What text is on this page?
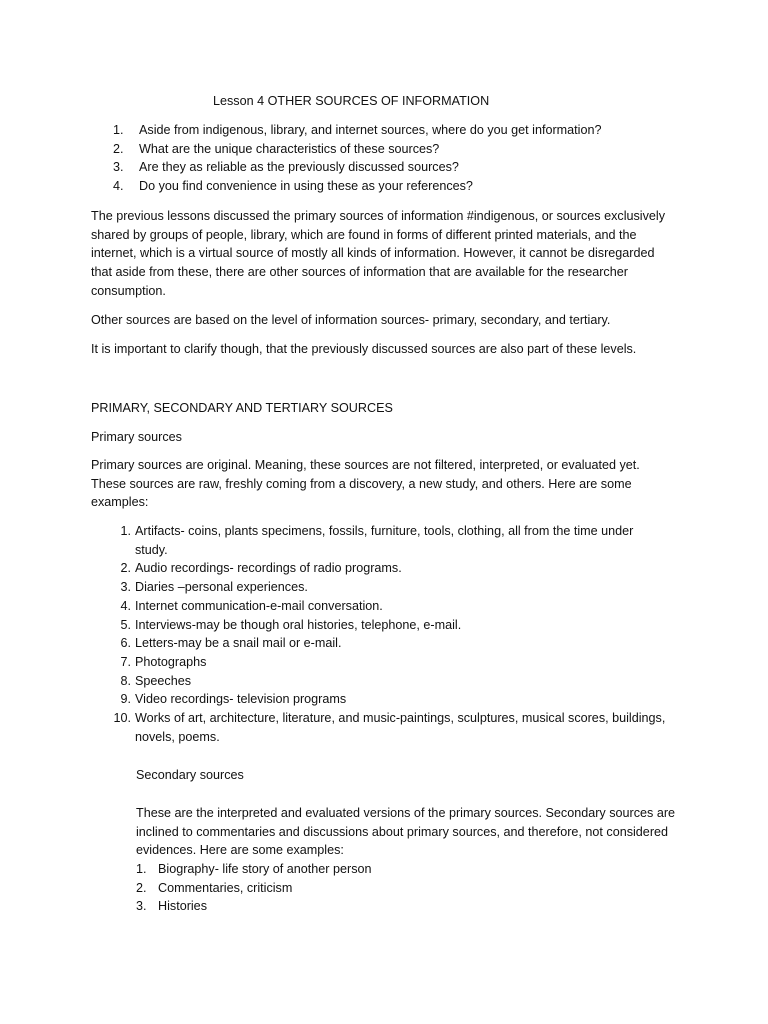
Lesson 4 OTHER SOURCES OF INFORMATION

1. Aside from indigenous, library, and internet sources, where do you get information?
2. What are the unique characteristics of these sources?
3. Are they as reliable as the previously discussed sources?
4. Do you find convenience in using these as your references?

The previous lessons discussed the primary sources of information #indigenous, or sources exclusively
shared by groups of people, library, which are found in forms of different printed materials, and the
internet, which is a virtual source of mostly all kinds of information. However, it cannot be disregarded
that aside from these, there are other sources of information that are available for the researcher
consumption.

Other sources are based on the level of information sources- primary, secondary, and tertiary.

It is important to clarify though, that the previously discussed sources are also part of these levels.

PRIMARY, SECONDARY AND TERTIARY SOURCES

Primary sources

Primary sources are original. Meaning, these sources are not filtered, interpreted, or evaluated yet.
These sources are raw, freshly coming from a discovery, a new study, and others. Here are some
examples:

1. Artifacts- coins, plants specimens, fossils, furniture, tools, clothing, all from the time under
study.
2. Audio recordings- recordings of radio programs.
3. Diaries –personal experiences.
4. Internet communication-e-mail conversation.
5. Interviews-may be though oral histories, telephone, e-mail.
6. Letters-may be a snail mail or e-mail.
7. Photographs
8. Speeches
9. Video recordings- television programs
10. Works of art, architecture, literature, and music-paintings, sculptures, musical scores, buildings,
novels, poems.

Secondary sources

These are the interpreted and evaluated versions of the primary sources. Secondary sources are
inclined to commentaries and discussions about primary sources, and therefore, not considered
evidences. Here are some examples:

1. Biography- life story of another person
2. Commentaries, criticism
3. Histories
